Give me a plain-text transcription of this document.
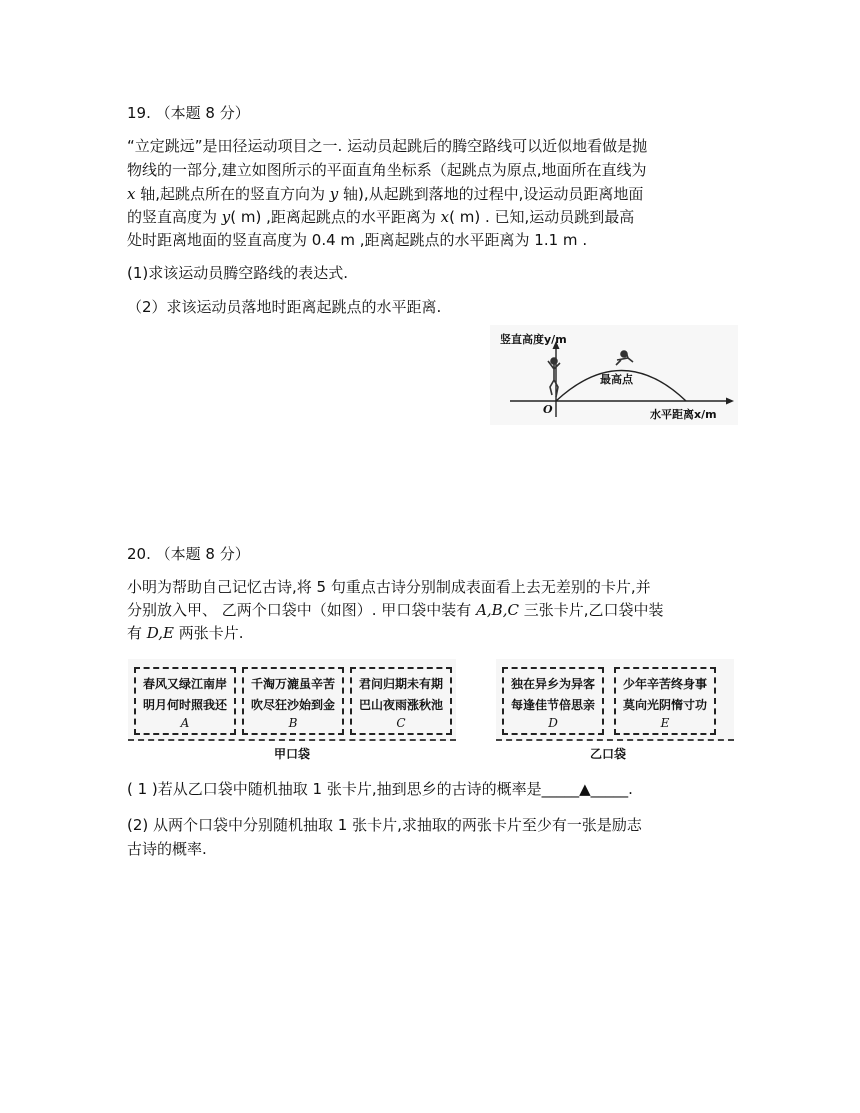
19. （本题 8 分）
“立定跳远”是田径运动项目之一. 运动员起跳后的腾空路线可以近似地看做是抛
物线的一部分,建立如图所示的平面直角坐标系（起跳点为原点,地面所在直线为
x 轴,起跳点所在的竖直方向为 y 轴),从起跳到落地的过程中,设运动员距离地面
的竖直高度为 y( m) ,距离起跳点的水平距离为 x( m) . 已知,运动员跳到最高
处时距离地面的竖直高度为 0.4 m ,距离起跳点的水平距离为 1.1 m .
(1)求该运动员腾空路线的表达式.
（2）求该运动员落地时距离起跳点的水平距离.
竖直高度y/m
最高点
O	水平距离x/m
20. （本题 8 分）
小明为帮助自己记忆古诗,将 5 句重点古诗分别制成表面看上去无差别的卡片,并
分别放入甲、 乙两个口袋中（如图）. 甲口袋中装有 A,B,C 三张卡片,乙口袋中装
有 D,E 两张卡片.
春风又绿江南岸
明月何时照我还
A
千淘万漉虽辛苦
吹尽狂沙始到金
B
君问归期未有期
巴山夜雨涨秋池
C
独在异乡为异客
每逢佳节倍思亲
D
少年辛苦终身事
莫向光阴惰寸功
E
甲口袋	乙口袋
( 1 )若从乙口袋中随机抽取 1 张卡片,抽到思乡的古诗的概率是_____▲_____.
(2) 从两个口袋中分别随机抽取 1 张卡片,求抽取的两张卡片至少有一张是励志
古诗的概率.
